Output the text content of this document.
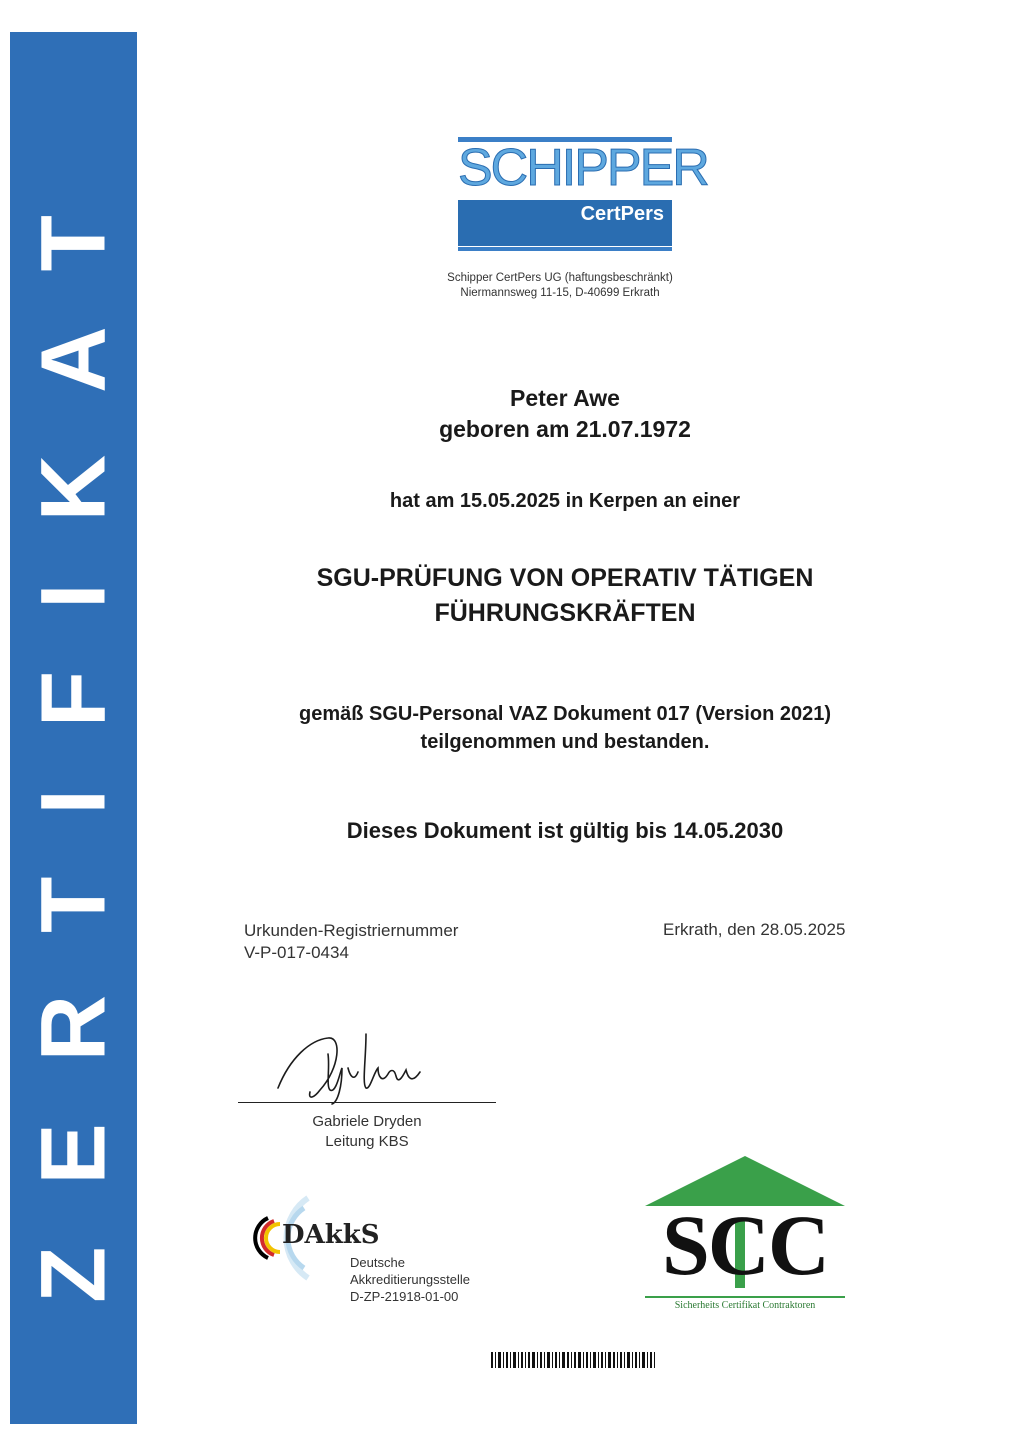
ZERTIFIKAT	SCHIPPER
CertPers
Schipper CertPers UG (haftungsbeschränkt)
Niermannsweg 11-15, D-40699 Erkrath
Peter Awe
geboren am 21.07.1972
hat am 15.05.2025 in Kerpen an einer
SGU-PRÜFUNG VON OPERATIV TÄTIGEN
FÜHRUNGSKRÄFTEN
gemäß SGU-Personal VAZ Dokument 017 (Version 2021)
teilgenommen und bestanden.
Dieses Dokument ist gültig bis 14.05.2030
Urkunden-Registriernummer
V-P-017-0434
Erkrath, den 28.05.2025
Gabriele Dryden
Leitung KBS
DAkkS
Deutsche
Akkreditierungsstelle
D-ZP-21918-01-00
SCC
Sicherheits Certifikat Contraktoren
